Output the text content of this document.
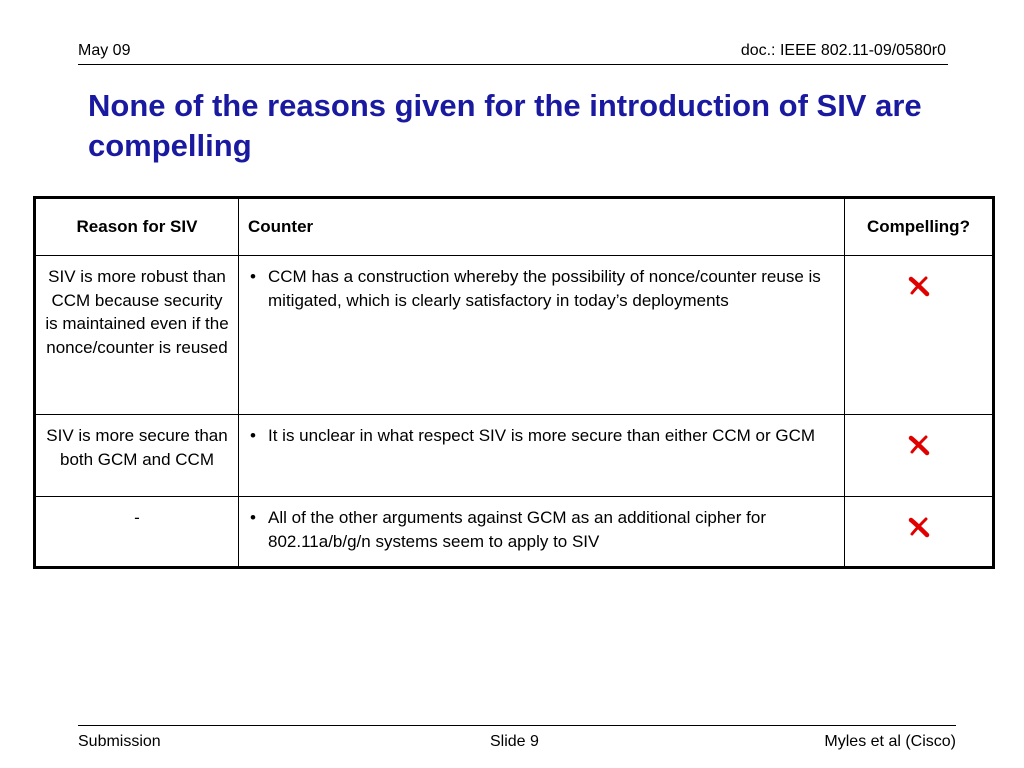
May 09	doc.: IEEE 802.11-09/0580r0
None of the reasons given for the introduction of SIV are compelling
Reason for SIV	Counter	Compelling?
SIV is more robust than CCM because security is maintained even if the nonce/counter is reused	• CCM has a construction whereby the possibility of nonce/counter reuse is mitigated, which is clearly satisfactory in today’s deployments

SIV is more secure than both GCM and CCM	• It is unclear in what respect SIV is more secure than either CCM or GCM

-	• All of the other arguments against GCM as an additional cipher for 802.11a/b/g/n systems seem to apply to SIV

Submission	Slide 9	Myles et al (Cisco)
